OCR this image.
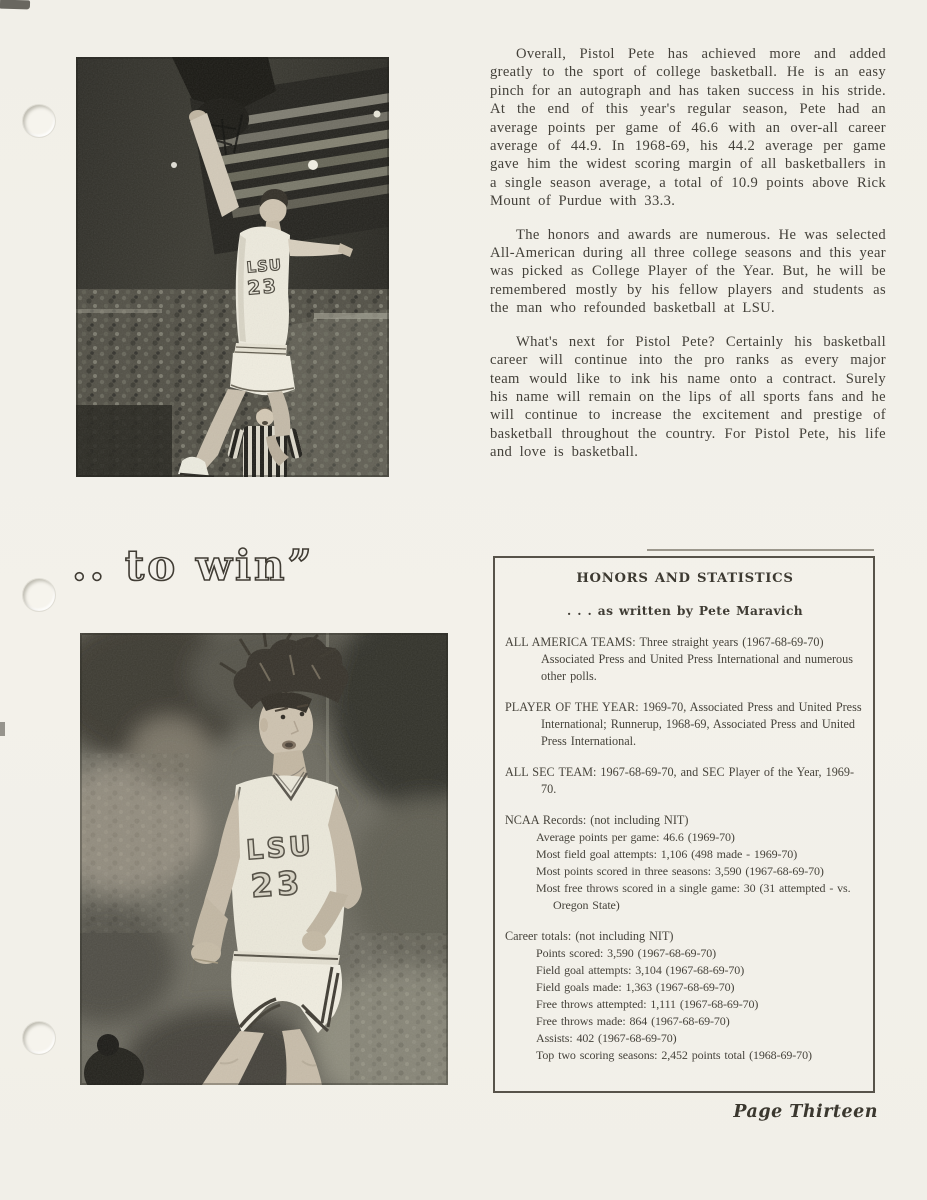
LSU
23
.. to win”
LSU
23

Overall, Pistol Pete has achieved more and added greatly to the sport of college basketball. He is an easy pinch for an autograph and has taken success in his stride. At the end of this year's regular season, Pete had an average points per game of 46.6 with an over-all career average of 44.9. In 1968-69, his 44.2 average per game gave him the widest scoring margin of all basketballers in a single season average, a total of 10.9 points above Rick Mount of Purdue with 33.3.

The honors and awards are numerous. He was selected All-American during all three college seasons and this year was picked as College Player of the Year. But, he will be remembered mostly by his fellow players and students as the man who refounded basketball at LSU.

What's next for Pistol Pete? Certainly his basketball career will continue into the pro ranks as every major team would like to ink his name onto a contract. Surely his name will remain on the lips of all sports fans and he will continue to increase the excitement and prestige of basketball throughout the country. For Pistol Pete, his life and love is basketball.

HONORS AND STATISTICS
. . . as written by Pete Maravich

ALL AMERICA TEAMS: Three straight years (1967-68-69-70) Associated Press and United Press International and numerous other polls.

PLAYER OF THE YEAR: 1969-70, Associated Press and United Press International; Runnerup, 1968-69, Associated Press and United Press International.

ALL SEC TEAM: 1967-68-69-70, and SEC Player of the Year, 1969-70.

NCAA Records: (not including NIT)

Average points per game: 46.6 (1969-70)

Most field goal attempts: 1,106 (498 made - 1969-70)

Most points scored in three seasons: 3,590 (1967-68-69-70)

Most free throws scored in a single game: 30 (31 attempted - vs. Oregon State)

Career totals: (not including NIT)

Points scored: 3,590 (1967-68-69-70)

Field goal attempts: 3,104 (1967-68-69-70)

Field goals made: 1,363 (1967-68-69-70)

Free throws attempted: 1,111 (1967-68-69-70)

Free throws made: 864 (1967-68-69-70)

Assists: 402 (1967-68-69-70)

Top two scoring seasons: 2,452 points total (1968-69-70)

Page Thirteen
